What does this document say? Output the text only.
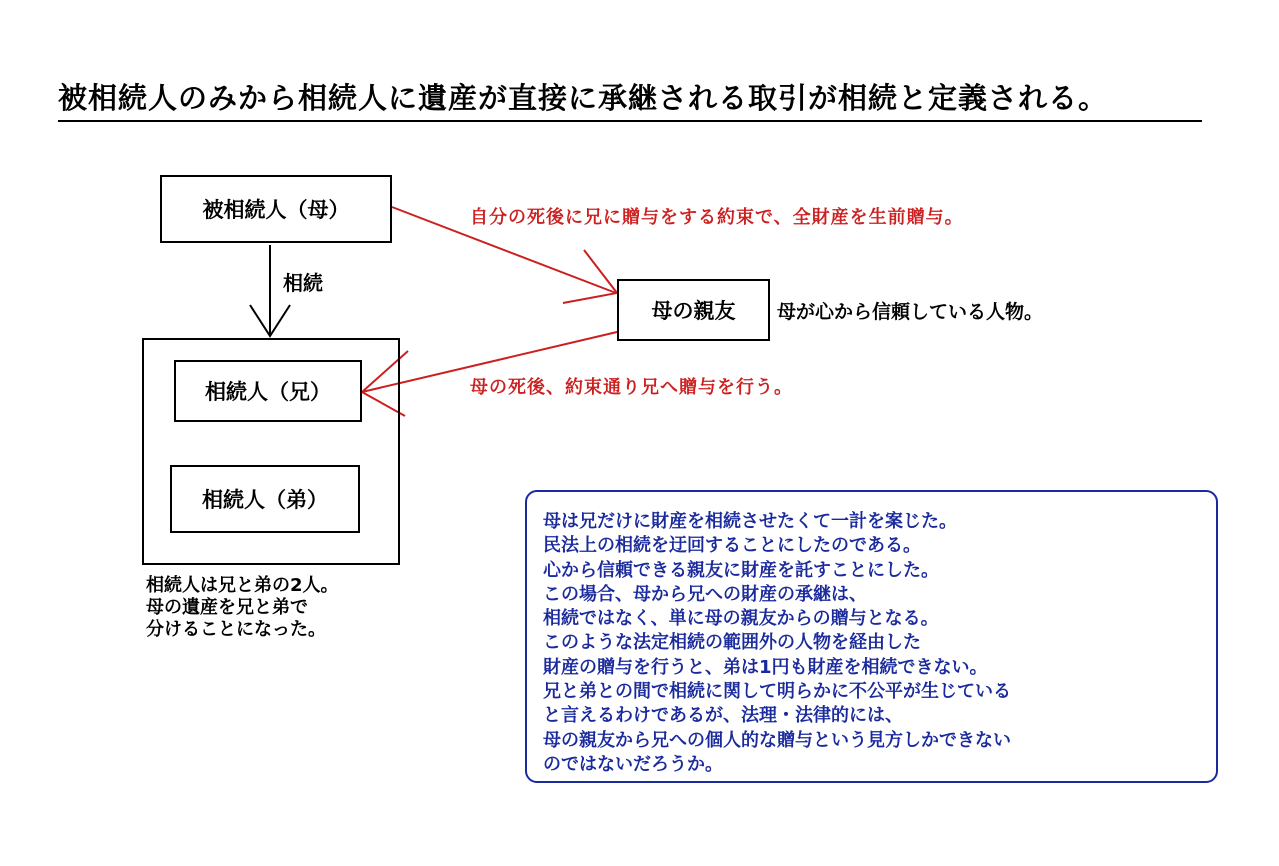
被相続人のみから相続人に遺産が直接に承継される取引が相続と定義される。
被相続人（母）
相続
相続人（兄）
相続人（弟）
母の親友 母が心から信頼している人物。
自分の死後に兄に贈与をする約束で、全財産を生前贈与。
母の死後、約束通り兄へ贈与を行う。
相続人は兄と弟の2人。
母の遺産を兄と弟で
分けることになった。
母は兄だけに財産を相続させたくて一計を案じた。
民法上の相続を迂回することにしたのである。
心から信頼できる親友に財産を託すことにした。
この場合、母から兄への財産の承継は、
相続ではなく、単に母の親友からの贈与となる。
このような法定相続の範囲外の人物を経由した
財産の贈与を行うと、弟は1円も財産を相続できない。
兄と弟との間で相続に関して明らかに不公平が生じている
と言えるわけであるが、法理・法律的には、
母の親友から兄への個人的な贈与という見方しかできない
のではないだろうか。
